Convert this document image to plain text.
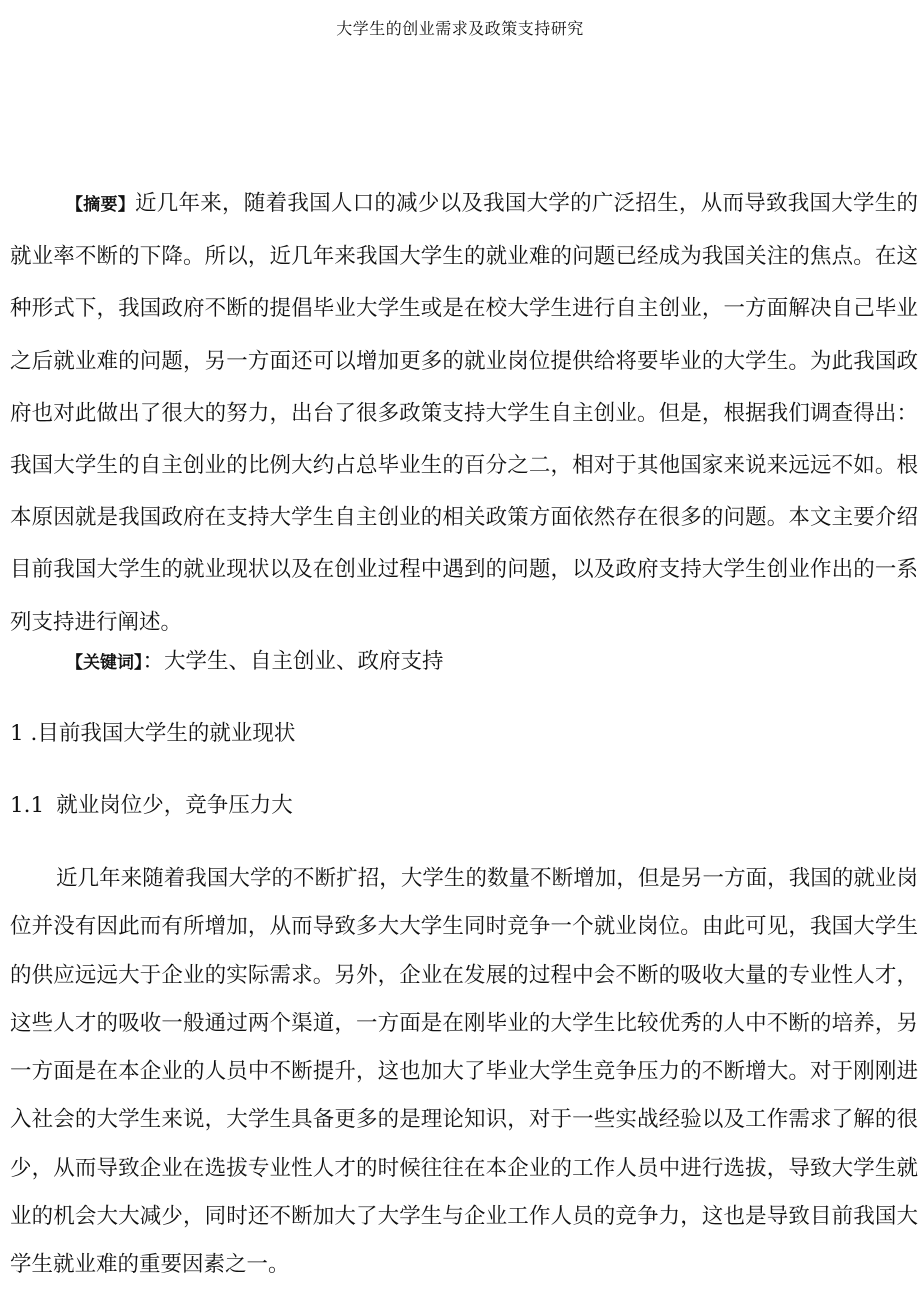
大学生的创业需求及政策支持研究

【摘要】近几年来，随着我国人口的减少以及我国大学的广泛招生，从而导致我国大学生的就业率不断的下降。所以，近几年来我国大学生的就业难的问题已经成为我国关注的焦点。在这种形式下，我国政府不断的提倡毕业大学生或是在校大学生进行自主创业，一方面解决自己毕业之后就业难的问题，另一方面还可以增加更多的就业岗位提供给将要毕业的大学生。为此我国政府也对此做出了很大的努力，出台了很多政策支持大学生自主创业。但是，根据我们调查得出：我国大学生的自主创业的比例大约占总毕业生的百分之二，相对于其他国家来说来远远不如。根本原因就是我国政府在支持大学生自主创业的相关政策方面依然存在很多的问题。本文主要介绍目前我国大学生的就业现状以及在创业过程中遇到的问题，以及政府支持大学生创业作出的一系列支持进行阐述。

【关键词】：大学生、自主创业、政府支持

1 .目前我国大学生的就业现状
1.1 就业岗位少，竞争压力大

近几年来随着我国大学的不断扩招，大学生的数量不断增加，但是另一方面，我国的就业岗位并没有因此而有所增加，从而导致多大大学生同时竞争一个就业岗位。由此可见，我国大学生的供应远远大于企业的实际需求。另外，企业在发展的过程中会不断的吸收大量的专业性人才，这些人才的吸收一般通过两个渠道，一方面是在刚毕业的大学生比较优秀的人中不断的培养，另一方面是在本企业的人员中不断提升，这也加大了毕业大学生竞争压力的不断增大。对于刚刚进入社会的大学生来说，大学生具备更多的是理论知识，对于一些实战经验以及工作需求了解的很少，从而导致企业在选拔专业性人才的时候往往在本企业的工作人员中进行选拔，导致大学生就业的机会大大减少，同时还不断加大了大学生与企业工作人员的竞争力，这也是导致目前我国大学生就业难的重要因素之一。
